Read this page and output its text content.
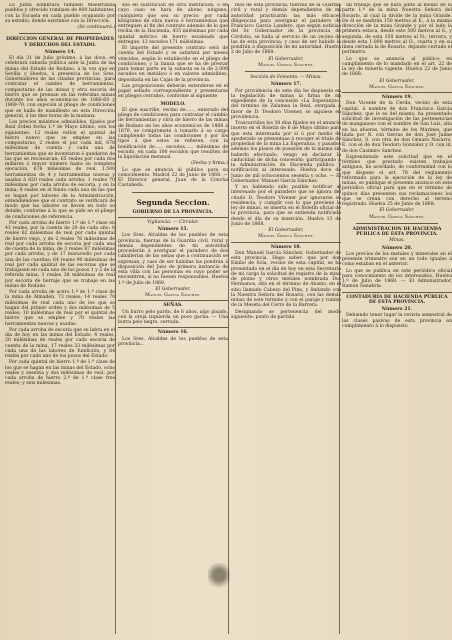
Lo Junta nombrará también Maestranza pueblos y ofrecido rombase de 800 habitantes, con la Escuela en cada pueblo ocupando por su estudio, donde existimos con la Dirección.

(Se continuará.)

DIRECCION GENERAL DE PROPIEDADES Y DERECHOS DEL ESTADO.

Número 14.

El día 31 de Julio próximo, á las doce, en celebrará subasta pública ante la Junta de las minas del Estado de Rodano, á la vez que en Sevilla y Huelva, á presencia de los Sres. Gobernadores de las citadas provincias, para contratar el cambio de herramientas, composturas de las minas y otra escoria de hierro que se prensan en las referidas minas durante los años económicos de 1868-69 y 1869-70, con sujeción al pliego de condiciones que se halla de manifiesto en esta Dirección general, á las diez horas de la mañana.

Los precios máximos admisibles, fijados por Real órden fecha 1.º de Mayo último, son los siguientes: 12 reales vellon el quintal de hierro nuevo que se emplee en las composturas; 2 reales el por cada mil, 678 milésimas de cuenta y cada una de herramientas que se inventaron ó quedaren de las que se reconozcan; 65 reales por cada dos millares ó mayor número hasta su completa ejecución, 676 milésimas de real, 1.500 herramientas de 4 y herramientas nuevas y usadas á 820 reales cada arroba; 1 reales 70 milésimas por cada arroba de escoria, y en la mina; 8 reales en el fondo cada una de las que se hagan por labores de la Administración, entendiéndose que el contrato se verificará de modo que las labores se lleven en todo su detalle, conforme á lo que se pide en el pliego de condiciones de referencia.

Por cada arroba de hierro 1.º de 1.ª clase en 43 reales, por la cuenta de 20 de cada año: 8 reales 62 milésimas de real por cada quintal de hierro viejo, y de 2 reales 76 milésimas de real por cada arroba de escoria por cada una de cuenta de la mina, de 3 reales 67 milésimas por cada arroba, y de 17 maravedís por cada una de las cuerdas; 64 reales 90 milésimas de real por cada quintal de las escorias que se trabajasen en cada uno de los pozos 1 y 2 de la referida mina; 1 reales 38 milésimas de real por escoria de herraje que se trabaje en las minas de Rodano.

Por cada arroba de acero 1.º de 1.ª clase de la mina de Almadén, 73 reales; 14 reales 70 milésimas de real cada uno de los que se hagan del primer orden y dos milésimas de 5 reales; 10 milésimas de real por el quintal de hierro que se emplee y 70 reales las herramientas nuevas y usadas.

Por cada arroba de escoria que se labra en el dia de hoy en las minas del Estado, 4 reales, 20 milésimas de reales por cada escoria de cuenta de la mina, 17 reales 33 milésimas por cada una de las labores de fundición, y 84 reales por cada uno de los pozos del Estado.

Por cada quintal de hierro 1.º de 1.ª clase de los que se hagan en las minas del Estado, ocho reales y sesenta y dos milésimas de real: por cada arroba de hierro 2.º de 1.ª clase tres reales; y seis milésimas.

sea en sustitucion de otra institucion, ó en cuyo caso se hará de abono ninguno, cualquiera que sea su precio: por cada kilógramo de obra nueva ó herramientas que entreguen al fin del contrato además de lo que reciba de la Hacienda, 435 milésimas por cada quintal métrico de hierro escaleado que entregue, 12 escudos 171 milésimas.

El importe del presente contrato será de cuenta del Estado y se satisfará por meses vencidos, según lo establecido en el pliego de condiciones; y la fianza que se ha de prestar para tomar parte en la subasta es la de 2.000 escudos en metálico ó en valores admisibles, depositada en las Cajas de la provincia.

Las proposiciones deberán extenderse en el papel sellado correspondiente y presentarse en pliegos cerrados, conforme al siguiente

MODELO.

El que suscribe, vecino de......, enterado del pliego de condiciones para contratar el cambio de herramientas y obra de hierro de las minas de Rodano en los años económicos de 1868 á 1870, se compromete á tomarlo á su cargo cumpliendo todas las condiciones y por los tipos á que estos se refieren, con la bonificación de...... escudos...... milésimas de escudo, en cada 100 escudos que resulten de la liquidación mensual.

(Fecha y firma.)

Lo que se anuncia al público para su conocimiento. Madrid 22 de Junio de 1868. — El Director general, Juan de la Concha Castañeda.

Segunda Seccion.

GOBIERNO DE LA PROVINCIA.

Vigilancia. — Circular.

Número 15.

Los Sres. Alcaldes de los pueblos de esta provincia, fuerzas de la Guardia civil, rural y demás dependientes de mi autoridad procederán á averiguar el paradero de dos caballerías de las señas que á continuación se expresan, y caso de ser habidas las pondrán á disposición del Juez de primera instancia de esta villa con las personas en cuyo poder se encuentren, si no fuesen responsables. Huelva 1.º de Julio de 1868.

El Gobernador,

Manuel García Sánchez.

SEÑAS.

Un burro pelo pardo, de 6 años, algo pisado, con la oreja izquierda un poco gacha. — Una burra pelo negro, cerrada.

Número 16.

Los Sres. Alcaldes de los pueblos de esta provincia...

blos de esta provincia, fuerzas de la Guardia civil y rural y demás dependientes de mi autoridad practicarán las más eficaces diligencias para averiguar el paradero de Francisco García Landero, que según noticias del Sr. Gobernador de la provincia de Córdoba, se halla al servicio de un vecino de las de esta provincia; y caso de ser habido lo pondrán á disposición de mi autoridad. Huelva 2 de Julio de 1868.

El Gobernador,

Manuel García Sánchez.

Sección de Fomento. — Minas.

Número 17.

Por providencia de este día he dispuesto en la legislación de minas la firma de mi expediente de la concesión «La Esperanza», del término de Zalamea la Real, otorgada á favor de D. Teodoro Vivener, se siguiese en providencia.

Trascurridos los 30 días fijados en el anuncio inserto en el Boletín de 6 de Mayo último para que esta interesada por sí ó por medio de apoderado se presentase á recoger el título de propiedad de la mina La Esperanza, y pasados además los plazos de posesión de la misma sin haberlo efectuado, vengo en declarar la caducidad de dicha concesión: participando á la Administración de Hacienda pública y notificación al interesado. Huelva doce de Junio de mil ochocientos sesenta y ocho. — El Gobernador, Manuel García Sánchez.

Y no habiendo sido posible notificar al interesado por el paradero que se ignora del citado D. Teodoro Vivener por ignorarse su residencia, y cumplir con lo que previene la ley de minas, se inserta en el Boletín oficial de la provincia, para que se entienda notificado desde el día de su inserción. Huelva 13 de Junio de 1868.

El Gobernador,

Manuel García Sánchez.

Número 18.

Don Manuel García Sánchez, Gobernador de esta provincia. Hago saber: que por don Emilio de Sola, vecino de esta capital, se ha presentado en el día de hoy en esta Secretaría de mi cargo la solicitud de registro de la mina de plomo y otros metales nombrada Dos Hermanos, sita en el término de Alosno, en el sitio llamado Cabezo del Pino, y lindando con la Nuestra Señora del Rosario, con las demás minas de este término y con el paraje y rumbo de la Meseta del Cerro de la Barrera.

Designando se pertenencia del modo siguiente: punto de partida

un trabajo que se hará junto al medio de la parte 1.º de la mina Nuestra Señora del Rosario, al cual la divide de la mina Grande. De él se medirán 150 metros al E., á la misma dirección de la mina Grande y por el lado la primera estaca, desde este 500 metros al S., y segunda, de esta 150 metros al N.; tercera, y desde esta 1.000 metros al O., cuarta y en su línea cerrada la de Rosario, dejando cerrado el perímetro.

Lo que se anuncia al público en cumplimiento de lo mandado en el art. 22 de la ley de minería vigente. Huelva 22 de Junio de 1868.

El Gobernador,

Manuel García Sánchez.

Número 19.

Don Vicente de la Cerda, vecino de esta capital, á nombre de don Francisco García Sánchez, que lo es del mismo, ha presentado solicitud de investigación de las pertenencias de manganeso con el nombre de San Luis, sita en las afueras, término de los Marines, que linda por N. con tierras de don José Jaime Sánchez, S. con otra de don Genaro Navarro, E. con el de don Teodoro Gonzalez y O. con id. de don Casimiro Sanchez.

Exprendiendo este solicitud que en el término que prestado existen trabajos antiguos, he acordado, de conformidad con lo que dispone el art. 78 del reglamento reformado para la ejecución de la ley de minas, se publique el presente anuncio en este periódico oficial para que en el término de quince días presenten sus reclamaciones los que se crean con derecho al terreno registrado. Huelva 25 de Junio de 1868.

El Gobernador,

Manuel García Sánchez.

ADMINISTRACION DE HACIENDA PÚBLICA DE ESTA PROVINCIA.

Minas.

Número 20.

Los precios de los metales y minerales en el presente trimestre son en un todo iguales á como estaban en el anterior.

Lo que se publica en este periódico oficial para conocimiento de los interesados. Huelva 1.º de Julio de 1868. — El Administrador, Ramon Sanabria.

CONTADURÍA DE HACIENDA PÚBLICA DE ESTA PROVINCIA.

Número 21.

Debiendo tener lugar la revista semestral de las clases pasivas de esta provincia en cumplimiento á lo dispuesto
